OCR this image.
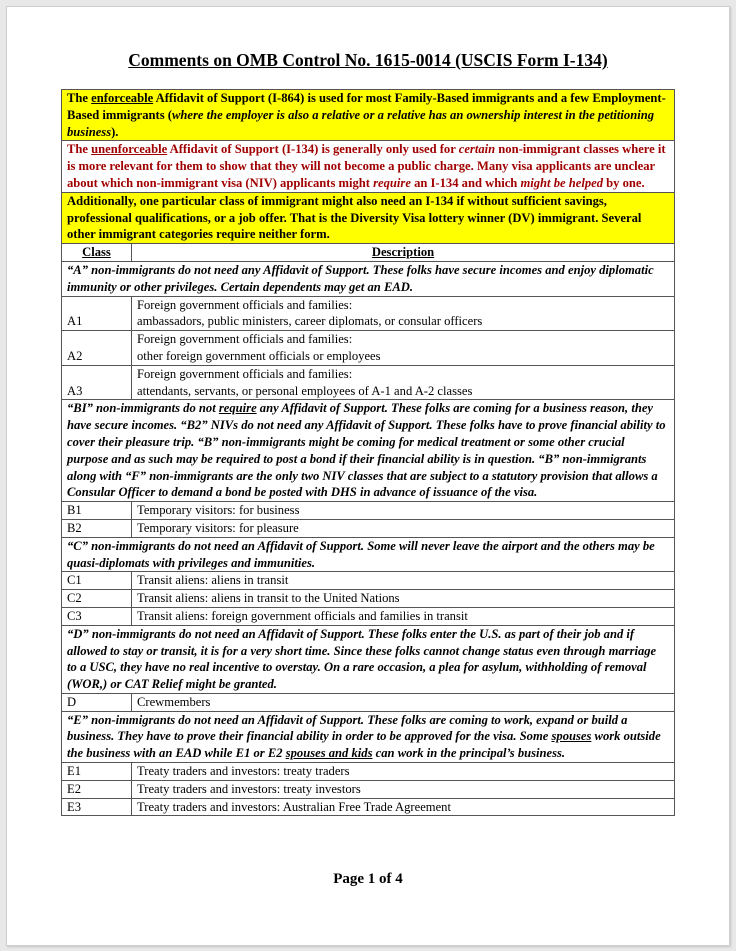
Comments on OMB Control No. 1615-0014 (USCIS Form I-134)
The enforceable Affidavit of Support (I-864) is used for most Family-Based immigrants and a few Employment-Based immigrants (where the employer is also a relative or a relative has an ownership interest in the petitioning business).	
The unenforceable Affidavit of Support (I-134) is generally only used for certain non-immigrant classes where it is more relevant for them to show that they will not become a public charge. Many visa applicants are unclear about which non-immigrant visa (NIV) applicants might require an I-134 and which might be helped by one.	
Additionally, one particular class of immigrant might also need an I-134 if without sufficient savings, professional qualifications, or a job offer. That is the Diversity Visa lottery winner (DV) immigrant. Several other immigrant categories require neither form.	
Class	Description
“A” non-immigrants do not need any Affidavit of Support. These folks have secure incomes and enjoy diplomatic immunity or other privileges. Certain dependents may get an EAD.	
A1	Foreign government officials and families:
ambassadors, public ministers, career diplomats, or consular officers

A2	Foreign government officials and families:
other foreign government officials or employees

A3	Foreign government officials and families:
attendants, servants, or personal employees of A-1 and A-2 classes

“BI” non-immigrants do not require any Affidavit of Support. These folks are coming for a business reason, they have secure incomes. “B2” NIVs do not need any Affidavit of Support. These folks have to prove financial ability to cover their pleasure trip. “B” non-immigrants might be coming for medical treatment or some other crucial purpose and as such may be required to post a bond if their financial ability is in question. “B” non-immigrants along with “F” non-immigrants are the only two NIV classes that are subject to a statutory provision that allows a Consular Officer to demand a bond be posted with DHS in advance of issuance of the visa.	
B1	Temporary visitors: for business
B2	Temporary visitors: for pleasure
“C” non-immigrants do not need an Affidavit of Support. Some will never leave the airport and the others may be quasi-diplomats with privileges and immunities.	
C1	Transit aliens: aliens in transit
C2	Transit aliens: aliens in transit to the United Nations
C3	Transit aliens: foreign government officials and families in transit
“D” non-immigrants do not need an Affidavit of Support. These folks enter the U.S. as part of their job and if allowed to stay or transit, it is for a very short time. Since these folks cannot change status even through marriage to a USC, they have no real incentive to overstay. On a rare occasion, a plea for asylum, withholding of removal (WOR,) or CAT Relief might be granted.	
D	Crewmembers
“E” non-immigrants do not need an Affidavit of Support. These folks are coming to work, expand or build a business. They have to prove their financial ability in order to be approved for the visa. Some spouses work outside the business with an EAD while E1 or E2 spouses and kids can work in the principal’s business.	
E1	Treaty traders and investors: treaty traders
E2	Treaty traders and investors: treaty investors
E3	Treaty traders and investors: Australian Free Trade Agreement
Page 1 of 4
